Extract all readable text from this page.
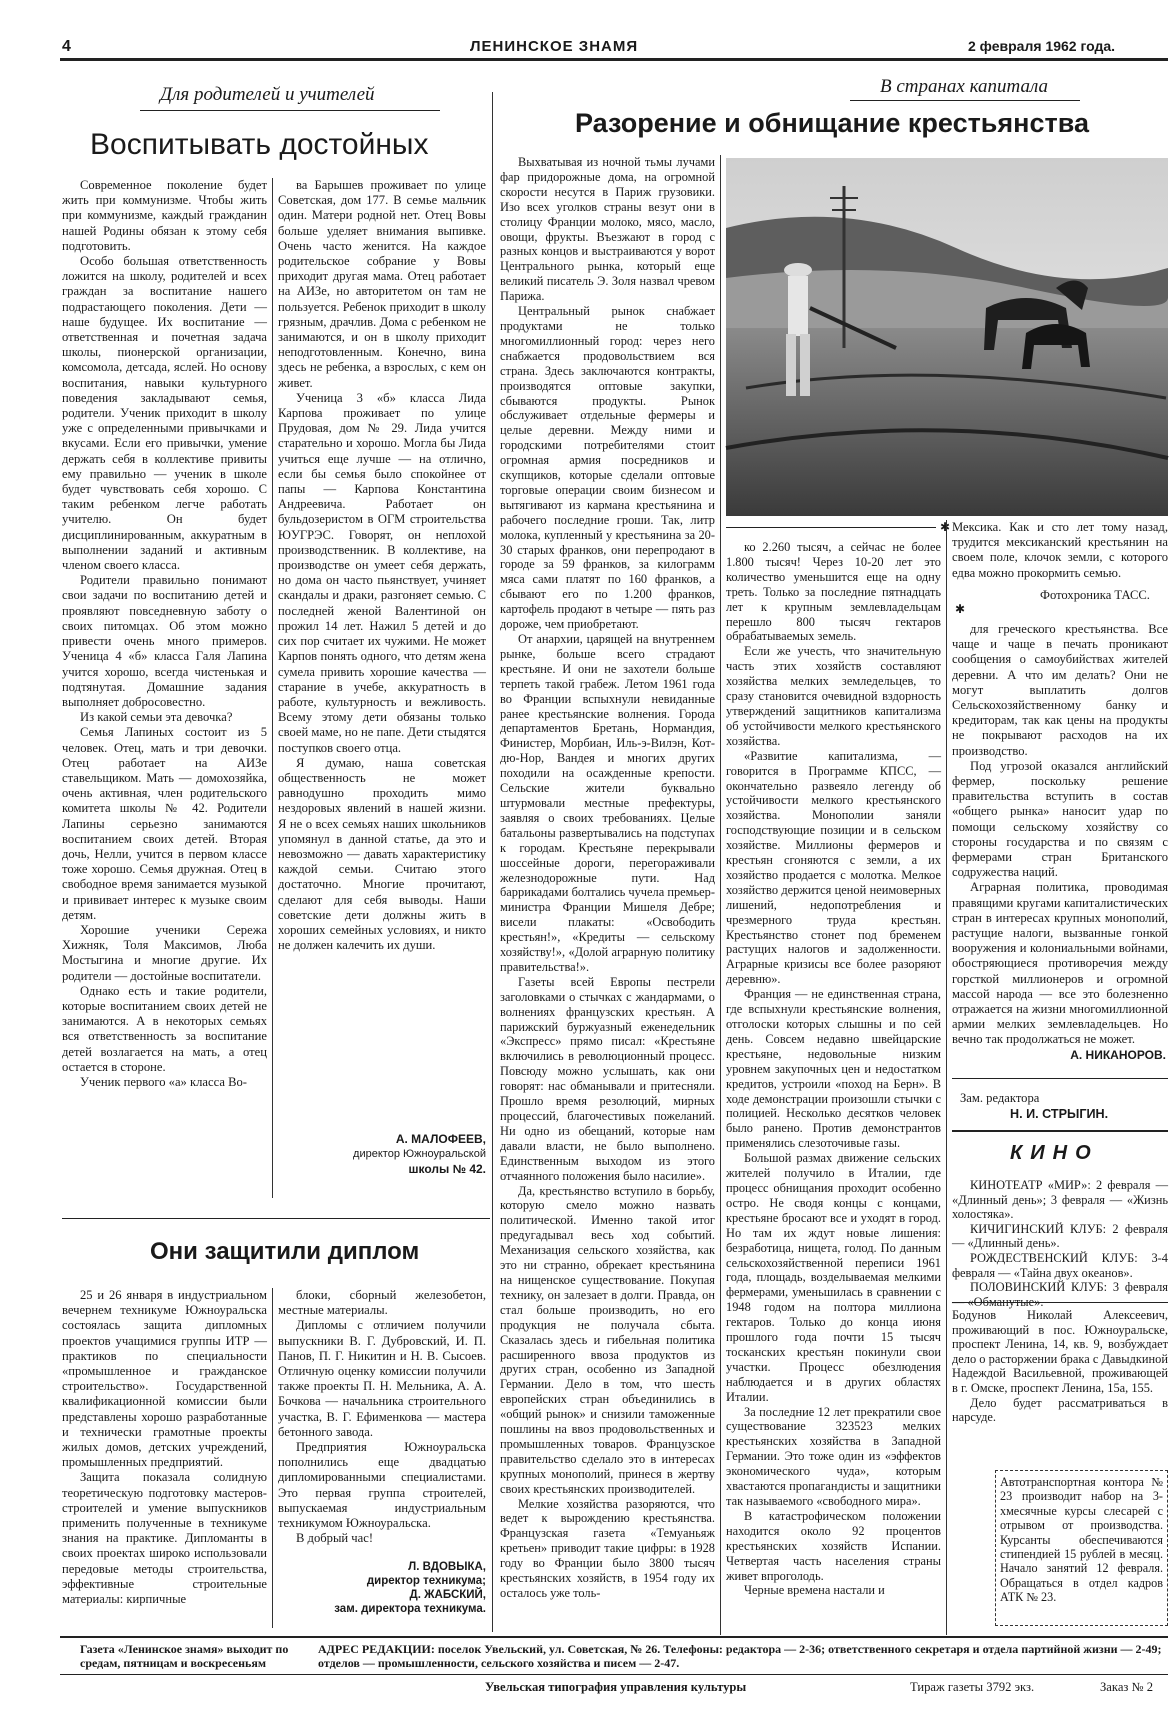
4	ЛЕНИНСКОЕ ЗНАМЯ	2 февраля 1962 года.
Для родителей и учителей	В странах капитала
Воспитывать достойных

Современное поколение будет жить при коммунизме. Чтобы жить при коммунизме, каждый гражданин нашей Родины обязан к этому себя подготовить.

Особо большая ответственность ложится на школу, родителей и всех граждан за воспитание нашего подрастающего поколения. Дети — наше будущее. Их воспитание — ответственная и почетная задача школы, пионерской организации, комсомола, детсада, яслей. Но основу воспитания, навыки культурного поведения закладывают семья, родители. Ученик приходит в школу уже с определенными привычками и вкусами. Если его привычки, умение держать себя в коллективе привиты ему правильно — ученик в школе будет чувствовать себя хорошо. С таким ребенком легче работать учителю. Он будет дисциплинированным, аккуратным в выполнении заданий и активным членом своего класса.

Родители правильно понимают свои задачи по воспитанию детей и проявляют повседневную заботу о своих питомцах. Об этом можно привести очень много примеров. Ученица 4 «б» класса Галя Лапина учится хорошо, всегда чистенькая и подтянутая. Домашние задания выполняет добросовестно.

Из какой семьи эта девочка?

Семья Лапиных состоит из 5 человек. Отец, мать и три девочки. Отец работает на АИЗе ставельщиком. Мать — домохозяйка, очень активная, член родительского комитета школы № 42. Родители Лапины серьезно занимаются воспитанием своих детей. Вторая дочь, Нелли, учится в первом классе тоже хорошо. Семья дружная. Отец в свободное время занимается музыкой и прививает интерес к музыке своим детям.

Хорошие ученики Сережа Хижняк, Толя Максимов, Люба Мостыгина и многие другие. Их родители — достойные воспитатели.

Однако есть и такие родители, которые воспитанием своих детей не занимаются. А в некоторых семьях вся ответственность за воспитание детей возлагается на мать, а отец остается в стороне.

Ученик первого «а» класса Во-

ва Барышев проживает по улице Советская, дом 177. В семье мальчик один. Матери родной нет. Отец Вовы больше уделяет внимания выпивке. Очень часто женится. На каждое родительское собрание у Вовы приходит другая мама. Отец работает на АИЗе, но авторитетом он там не пользуется. Ребенок приходит в школу грязным, драчлив. Дома с ребенком не занимаются, и он в школу приходит неподготовленным. Конечно, вина здесь не ребенка, а взрослых, с кем он живет.

Ученица 3 «б» класса Лида Карпова проживает по улице Прудовая, дом № 29. Лида учится старательно и хорошо. Могла бы Лида учиться еще лучше — на отлично, если бы семья было спокойнее от папы — Карпова Константина Андреевича. Работает он бульдозеристом в ОГМ строительства ЮУГРЭС. Говорят, он неплохой производственник. В коллективе, на производстве он умеет себя держать, но дома он часто пьянствует, учиняет скандалы и драки, разгоняет семью. С последней женой Валентиной он прожил 14 лет. Нажил 5 детей и до сих пор считает их чужими. Не может Карпов понять одного, что детям жена сумела привить хорошие качества — старание в учебе, аккуратность в работе, культурность и вежливость. Всему этому дети обязаны только своей маме, но не папе. Дети стыдятся поступков своего отца.

Я думаю, наша советская общественность не может равнодушно проходить мимо нездоровых явлений в нашей жизни. Я не о всех семьях наших школьников упомянул в данной статье, да это и невозможно — давать характеристику каждой семьи. Считаю этого достаточно. Многие прочитают, сделают для себя выводы. Наши советские дети должны жить в хороших семейных условиях, и никто не должен калечить их души.

А. МАЛОФЕЕВ,
директор Южноуральской
школы № 42.
Они защитили диплом

25 и 26 января в индустриальном вечернем техникуме Южноуральска состоялась защита дипломных проектов учащимися группы ИТР — практиков по специальности «промышленное и гражданское строительство». Государственной квалификационной комиссии были представлены хорошо разработанные и технически грамотные проекты жилых домов, детских учреждений, промышленных предприятий.

Защита показала солидную теоретическую подготовку мастеров-строителей и умение выпускников применить полученные в техникуме знания на практике. Дипломанты в своих проектах широко использовали передовые методы строительства, эффективные строительные материалы: кирпичные

блоки, сборный железобетон, местные материалы.

Дипломы с отличием получили выпускники В. Г. Дубровский, И. П. Панов, П. Г. Никитин и Н. В. Сысоев. Отличную оценку комиссии получили также проекты П. Н. Мельника, А. А. Бочкова — начальника строительного участка, В. Г. Ефименкова — мастера бетонного завода.

Предприятия Южноуральска пополнились еще двадцатью дипломированными специалистами. Это первая группа строителей, выпускаемая индустриальным техникумом Южноуральска.

В добрый час!

Л. ВДОВЫКА,
директор техникума;
Д. ЖАБСКИЙ,
зам. директора техникума.
Разорение и обнищание крестьянства

Выхватывая из ночной тьмы лучами фар придорожные дома, на огромной скорости несутся в Париж грузовики. Изо всех уголков страны везут они в столицу Франции молоко, мясо, масло, овощи, фрукты. Въезжают в город с разных концов и выстраиваются у ворот Центрального рынка, который еще великий писатель Э. Золя назвал чревом Парижа.

Центральный рынок снабжает продуктами не только многомиллионный город: через него снабжается продовольствием вся страна. Здесь заключаются контракты, производятся оптовые закупки, сбываются продукты. Рынок обслуживает отдельные фермеры и целые деревни. Между ними и городскими потребителями стоит огромная армия посредников и скупщиков, которые сделали оптовые торговые операции своим бизнесом и вытягивают из кармана крестьянина и рабочего последние гроши. Так, литр молока, купленный у крестьянина за 20-30 старых франков, они перепродают в городе за 59 франков, за килограмм мяса сами платят по 160 франков, а сбывают его по 1.200 франков, картофель продают в четыре — пять раз дороже, чем приобретают.

От анархии, царящей на внутреннем рынке, больше всего страдают крестьяне. И они не захотели больше терпеть такой грабеж. Летом 1961 года во Франции вспыхнули невиданные ранее крестьянские волнения. Города департаментов Бретань, Нормандия, Финистер, Морбиан, Иль-э-Вилэн, Кот-дю-Нор, Вандея и многих других походили на осажденные крепости. Сельские жители буквально штурмовали местные префектуры, заявляя о своих требованиях. Целые батальоны развертывались на подступах к городам. Крестьяне перекрывали шоссейные дороги, перегораживали железнодорожные пути. Над баррикадами болтались чучела премьер-министра Франции Мишеля Дебре; висели плакаты: «Освободить крестьян!», «Кредиты — сельскому хозяйству!», «Долой аграрную политику правительства!».

Газеты всей Европы пестрели заголовками о стычках с жандармами, о волнениях французских крестьян. А парижский буржуазный еженедельник «Экспресс» прямо писал: «Крестьяне включились в революционный процесс. Повсюду можно услышать, как они говорят: нас обманывали и притесняли. Прошло время резолюций, мирных процессий, благочестивых пожеланий. Ни одно из обещаний, которые нам давали власти, не было выполнено. Единственным выходом из этого отчаянного положения было насилие».

Да, крестьянство вступило в борьбу, которую смело можно назвать политической. Именно такой итог предугадывал весь ход событий. Механизация сельского хозяйства, как это ни странно, обрекает крестьянина на нищенское существование. Покупая технику, он залезает в долги. Правда, он стал больше производить, но его продукция не получала сбыта. Сказалась здесь и гибельная политика расширенного ввоза продуктов из других стран, особенно из Западной Германии. Дело в том, что шесть европейских стран объединились в «общий рынок» и снизили таможенные пошлины на ввоз продовольственных и промышленных товаров. Французское правительство сделало это в интересах крупных монополий, принеся в жертву своих крестьянских производителей.

Мелкие хозяйства разоряются, что ведет к вырождению крестьянства. Французская газета «Темуаньяж кретьен» приводит такие цифры: в 1928 году во Франции было 3800 тысяч крестьянских хозяйств, в 1954 году их осталось уже толь-

✱

ко 2.260 тысяч, а сейчас не более 1.800 тысяч! Через 10-20 лет это количество уменьшится еще на одну треть. Только за последние пятнадцать лет к крупным землевладельцам перешло 800 тысяч гектаров обрабатываемых земель.

Если же учесть, что значительную часть этих хозяйств составляют хозяйства мелких земледельцев, то сразу становится очевидной вздорность утверждений защитников капитализма об устойчивости мелкого крестьянского хозяйства.

«Развитие капитализма, — говорится в Программе КПСС, — окончательно развеяло легенду об устойчивости мелкого крестьянского хозяйства. Монополии заняли господствующие позиции и в сельском хозяйстве. Миллионы фермеров и крестьян сгоняются с земли, а их хозяйство продается с молотка. Мелкое хозяйство держится ценой неимоверных лишений, недопотребления и чрезмерного труда крестьян. Крестьянство стонет под бременем растущих налогов и задолженности. Аграрные кризисы все более разоряют деревню».

Франция — не единственная страна, где вспыхнули крестьянские волнения, отголоски которых слышны и по сей день. Совсем недавно швейцарские крестьяне, недовольные низким уровнем закупочных цен и недостатком кредитов, устроили «поход на Берн». В ходе демонстрации произошли стычки с полицией. Несколько десятков человек было ранено. Против демонстрантов применялись слезоточивые газы.

Большой размах движение сельских жителей получило в Италии, где процесс обнищания проходит особенно остро. Не сводя концы с концами, крестьяне бросают все и уходят в город. Но там их ждут новые лишения: безработица, нищета, голод. По данным сельскохозяйственной переписи 1961 года, площадь, возделываемая мелкими фермерами, уменьшилась в сравнении с 1948 годом на полтора миллиона гектаров. Только до конца июня прошлого года почти 15 тысяч тосканских крестьян покинули свои участки. Процесс обезлюдения наблюдается и в других областях Италии.

За последние 12 лет прекратили свое существование 323523 мелких крестьянских хозяйства в Западной Германии. Это тоже один из «эффектов экономического чуда», которым хвастаются пропагандисты и защитники так называемого «свободного мира».

В катастрофическом положении находится около 92 процентов крестьянских хозяйств Испании. Четвертая часть населения страны живет впроголодь.

Черные времена настали и

Мексика. Как и сто лет тому назад, трудится мексиканский крестьянин на своем поле, клочок земли, с которого едва можно прокормить семью.

Фотохроника ТАСС.
✱

для греческого крестьянства. Все чаще и чаще в печать проникают сообщения о самоубийствах жителей деревни. А что им делать? Они не могут выплатить долгов Сельскохозяйственному банку и кредиторам, так как цены на продукты не покрывают расходов на их производство.

Под угрозой оказался английский фермер, поскольку решение правительства вступить в состав «общего рынка» наносит удар по помощи сельскому хозяйству со стороны государства и по связям с фермерами стран Британского содружества наций.

Аграрная политика, проводимая правящими кругами капиталистических стран в интересах крупных монополий, растущие налоги, вызванные гонкой вооружения и колониальными войнами, обостряющиеся противоречия между горсткой миллионеров и огромной массой народа — все это болезненно отражается на жизни многомиллионной армии мелких землевладельцев. Но вечно так продолжаться не может.

А. НИКАНОРОВ.
Зам. редактора
Н. И. СТРЫГИН.
КИНО

КИНОТЕАТР «МИР»: 2 февраля — «Длинный день»; 3 февраля — «Жизнь холостяка».

КИЧИГИНСКИЙ КЛУБ: 2 февраля — «Длинный день».

РОЖДЕСТВЕНСКИЙ КЛУБ: 3-4 февраля — «Тайна двух океанов».

ПОЛОВИНСКИЙ КЛУБ: 3 февраля — «Обманутые».

Бодунов Николай Алексеевич, проживающий в пос. Южноуральске, проспект Ленина, 14, кв. 9, возбуждает дело о расторжении брака с Давыдкиной Надеждой Васильевной, проживающей в г. Омске, проспект Ленина, 15а, 155.

Дело будет рассматриваться в нарсуде.

Автотранспортная контора № 23 производит набор на 3-хмесячные курсы слесарей с отрывом от производства. Курсанты обеспечиваются стипендией 15 рублей в месяц. Начало занятий 12 февраля. Обращаться в отдел кадров АТК № 23.
Газета «Ленинское знамя» выходит по средам, пятницам и воскресеньям
АДРЕС РЕДАКЦИИ: поселок Увельский, ул. Советская, № 26. Телефоны: редактора — 2-36; ответственного секретаря и отдела партийной жизни — 2-49; отделов — промышленности, сельского хозяйства и писем — 2-47.
Увельская типография управления культуры	Тираж газеты 3792 экз.	Заказ № 2
